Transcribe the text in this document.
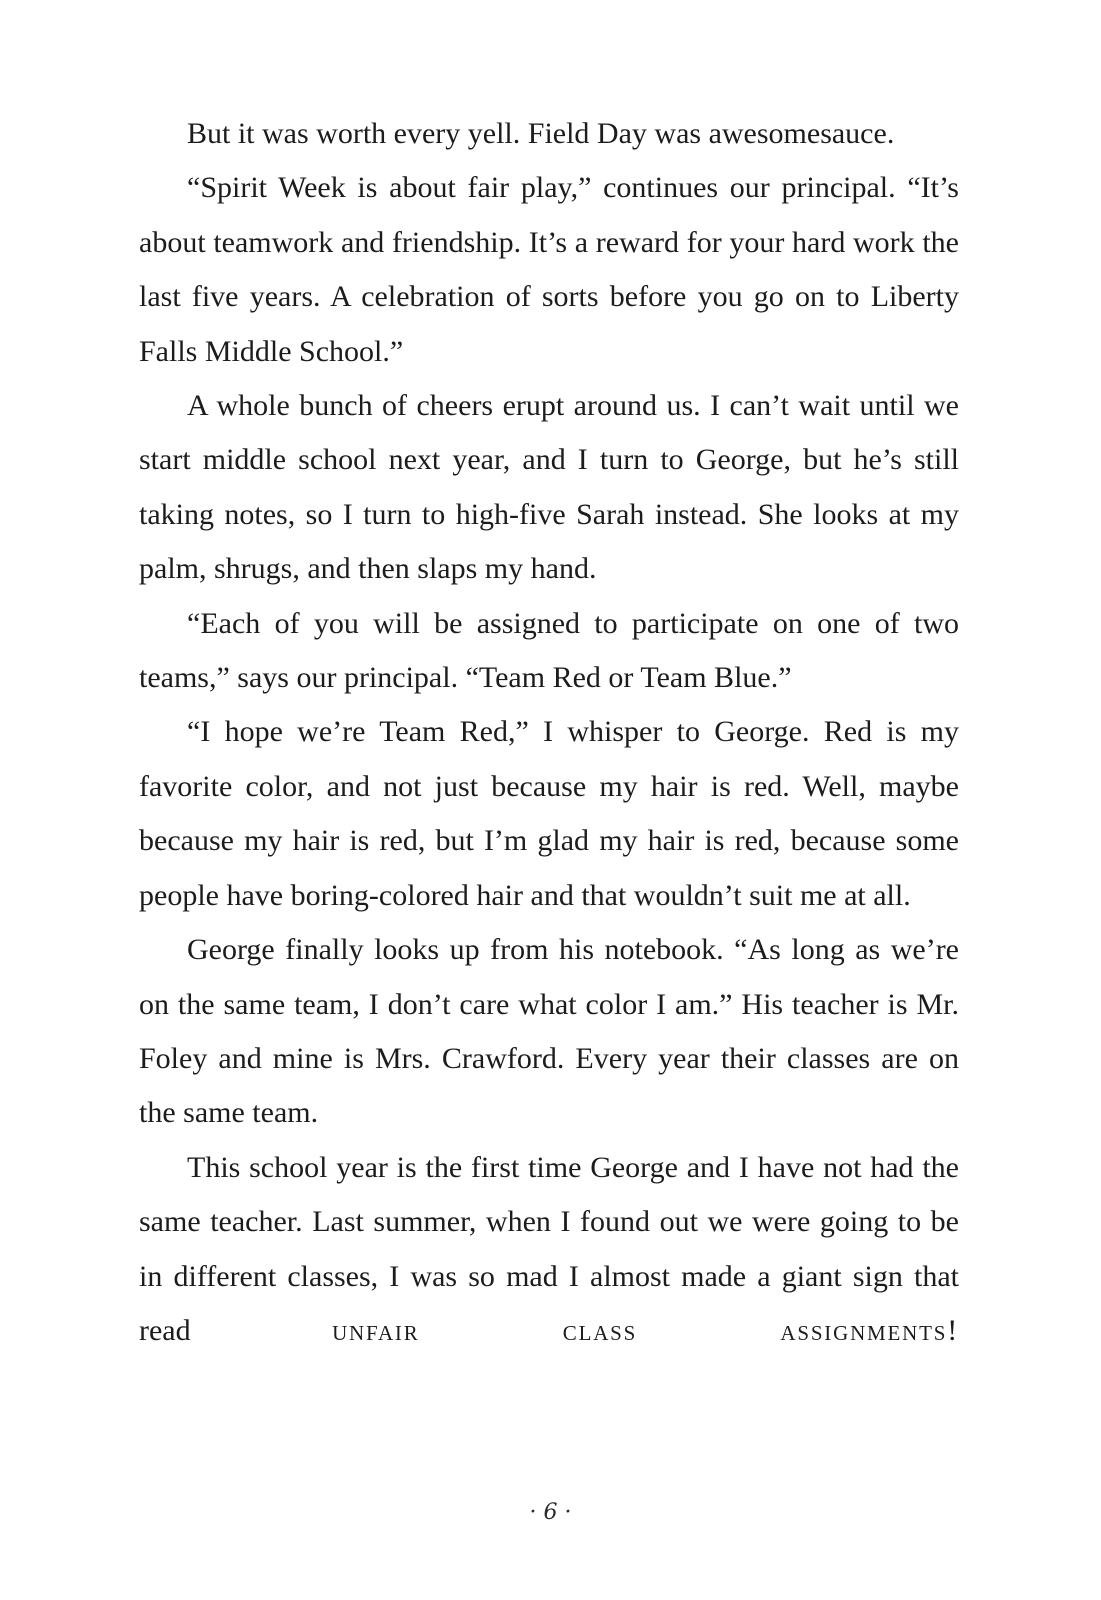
But it was worth every yell. Field Day was awesomesauce.

“Spirit Week is about fair play,” continues our principal. “It’s about teamwork and friendship. It’s a reward for your hard work the last five years. A celebration of sorts before you go on to Liberty Falls Middle School.”

A whole bunch of cheers erupt around us. I can’t wait until we start middle school next year, and I turn to George, but he’s still taking notes, so I turn to high-five Sarah instead. She looks at my palm, shrugs, and then slaps my hand.

“Each of you will be assigned to participate on one of two teams,” says our principal. “Team Red or Team Blue.”

“I hope we’re Team Red,” I whisper to George. Red is my favorite color, and not just because my hair is red. Well, maybe because my hair is red, but I’m glad my hair is red, because some people have boring-colored hair and that wouldn’t suit me at all.

George finally looks up from his notebook. “As long as we’re on the same team, I don’t care what color I am.” His teacher is Mr. Foley and mine is Mrs. Crawford. Every year their classes are on the same team.

This school year is the first time George and I have not had the same teacher. Last summer, when I found out we were going to be in different classes, I was so mad I almost made a giant sign that read unfair class assignments!

· 6 ·
